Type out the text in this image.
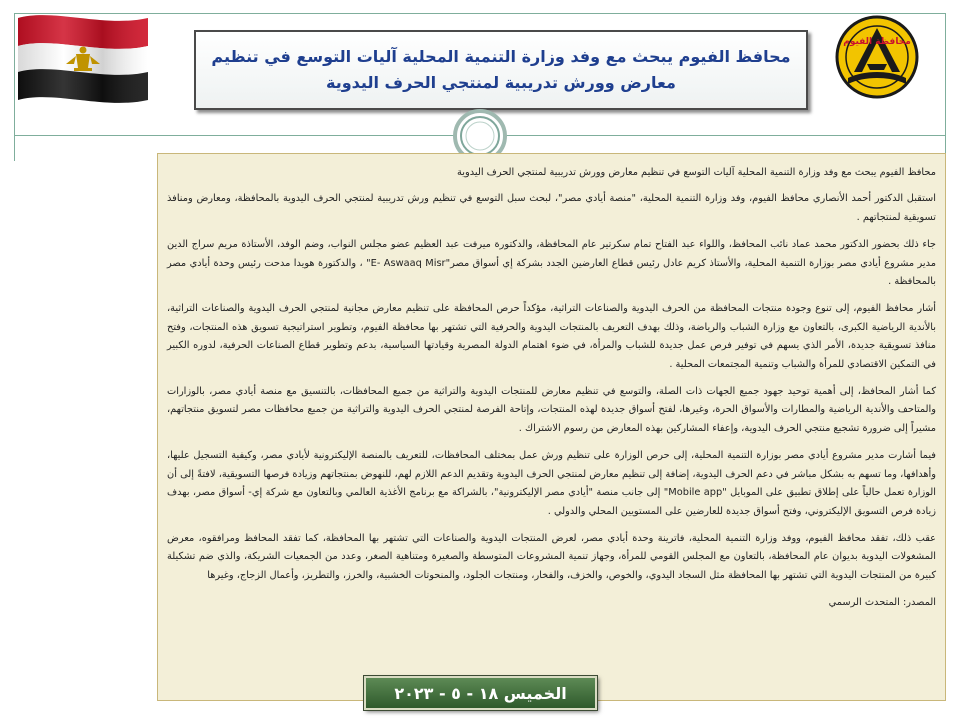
محافظ الفيوم يبحث مع وفد وزارة التنمية المحلية آليات التوسع في تنظيم
معارض وورش تدريبية لمنتجي الحرف اليدوية
محافظة الفيوم

محافظ الفيوم يبحث مع وفد وزارة التنمية المحلية آليات التوسع في تنظيم معارض وورش تدريبية لمنتجي الحرف اليدوية

استقبل الدكتور أحمد الأنصاري محافظ الفيوم، وفد وزارة التنمية المحلية، "منصة أيادي مصر"، لبحث سبل التوسع في تنظيم ورش تدريبية لمنتجي الحرف اليدوية بالمحافظة، ومعارض ومنافذ تسويقية لمنتجاتهم .

جاء ذلك بحضور الدكتور محمد عماد نائب المحافظ، واللواء عبد الفتاح تمام سكرتير عام المحافظة، والدكتورة ميرفت عبد العظيم عضو مجلس النواب، وضم الوفد، الأستاذة مريم سراج الدين مدير مشروع أيادي مصر بوزارة التنمية المحلية، والأستاذ كريم عادل رئيس قطاع العارضين الجدد بشركة إي أسواق مصر"E- Aswaaq Misr" ، والدكتورة هويدا مدحت رئيس وحدة أيادي مصر بالمحافظة .

أشار محافظ الفيوم، إلى تنوع وجودة منتجات المحافظة من الحرف اليدوية والصناعات التراثية، مؤكداً حرص المحافظة على تنظيم معارض مجانية لمنتجي الحرف اليدوية والصناعات التراثية، بالأندية الرياضية الكبرى، بالتعاون مع وزارة الشباب والرياضة، وذلك بهدف التعريف بالمنتجات اليدوية والحرفية التي تشتهر بها محافظة الفيوم، وتطوير استراتيجية تسويق هذه المنتجات، وفتح منافذ تسويقية جديدة، الأمر الذي يسهم في توفير فرص عمل جديدة للشباب والمرأة، في ضوء اهتمام الدولة المصرية وقيادتها السياسية، بدعم وتطوير قطاع الصناعات الحرفية، لدوره الكبير في التمكين الاقتصادي للمرأة والشباب وتنمية المجتمعات المحلية .

كما أشار المحافظ، إلى أهمية توحيد جهود جميع الجهات ذات الصلة، والتوسع في تنظيم معارض للمنتجات اليدوية والتراثية من جميع المحافظات، بالتنسيق مع منصة أيادي مصر، بالوزارات والمتاحف والأندية الرياضية والمطارات والأسواق الحرة، وغيرها، لفتح أسواق جديدة لهذه المنتجات، وإتاحة الفرصة لمنتجي الحرف اليدوية والتراثية من جميع محافظات مصر لتسويق منتجاتهم، مشيراً إلى ضرورة تشجيع منتجي الحرف اليدوية، وإعفاء المشاركين بهذه المعارض من رسوم الاشتراك .

فيما أشارت مدير مشروع أيادي مصر بوزارة التنمية المحلية، إلى حرص الوزارة على تنظيم ورش عمل بمختلف المحافظات، للتعريف بالمنصة الإليكترونية لأيادي مصر، وكيفية التسجيل عليها، وأهدافها، وما تسهم به بشكل مباشر في دعم الحرف اليدوية، إضافة إلى تنظيم معارض لمنتجي الحرف اليدوية وتقديم الدعم اللازم لهم، للنهوض بمنتجاتهم وزيادة فرصها التسويقية، لافتةً إلى أن الوزارة تعمل حالياً على إطلاق تطبيق على الموبايل "Mobile app" إلى جانب منصة "أيادي مصر الإليكترونية"، بالشراكة مع برنامج الأغذية العالمي وبالتعاون مع شركة إي- أسواق مصر، بهدف زيادة فرص التسويق الإليكتروني، وفتح أسواق جديدة للعارضين على المستويين المحلي والدولي .

عقب ذلك، تفقد محافظ الفيوم، ووفد وزارة التنمية المحلية، فاترينة وحدة أيادي مصر، لعرض المنتجات اليدوية والصناعات التي تشتهر بها المحافظة، كما تفقد المحافظ ومرافقوه، معرض المشغولات اليدوية بديوان عام المحافظة، بالتعاون مع المجلس القومي للمرأة، وجهاز تنمية المشروعات المتوسطة والصغيرة ومتناهية الصغر، وعدد من الجمعيات الشريكة، والذي ضم تشكيلة كبيرة من المنتجات اليدوية التي تشتهر بها المحافظة مثل السجاد اليدوي، والخوص، والخزف، والفخار، ومنتجات الجلود، والمنحوتات الخشبية، والخرز، والتطريز، وأعمال الزجاج، وغيرها

المصدر: المتحدث الرسمي

الخميس ١٨ - ٥ - ٢٠٢٣
